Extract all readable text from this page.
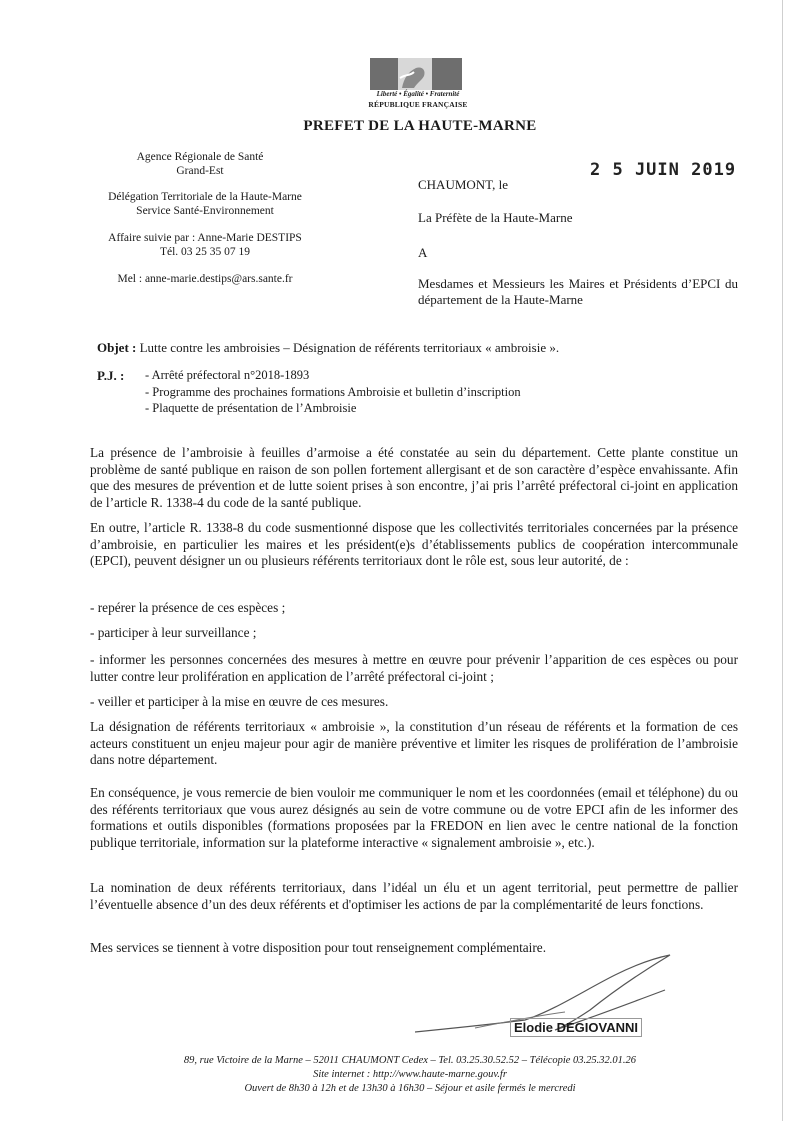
Liberté • Égalité • Fraternité
RÉPUBLIQUE FRANÇAISE
PREFET DE LA HAUTE-MARNE
Agence Régionale de Santé
Grand-Est
Délégation Territoriale de la Haute-Marne
Service Santé-Environnement
Affaire suivie par : Anne-Marie DESTIPS
Tél. 03 25 35 07 19
Mel : anne-marie.destips@ars.sante.fr
CHAUMONT, le
2 5 JUIN 2019
La Préfète de la Haute-Marne
A
Mesdames et Messieurs les Maires et Présidents d’EPCI du département de la Haute-Marne
Objet : Lutte contre les ambroisies – Désignation de référents territoriaux « ambroisie ».
P.J. : - Arrêté préfectoral n°2018-1893
- Programme des prochaines formations Ambroisie et bulletin d’inscription
- Plaquette de présentation de l’Ambroisie
La présence de l’ambroisie à feuilles d’armoise a été constatée au sein du département. Cette plante constitue un problème de santé publique en raison de son pollen fortement allergisant et de son caractère d’espèce envahissante. Afin que des mesures de prévention et de lutte soient prises à son encontre, j’ai pris l’arrêté préfectoral ci-joint en application de l’article R. 1338-4 du code de la santé publique.
En outre, l’article R. 1338-8 du code susmentionné dispose que les collectivités territoriales concernées par la présence d’ambroisie, en particulier les maires et les président(e)s d’établissements publics de coopération intercommunale (EPCI), peuvent désigner un ou plusieurs référents territoriaux dont le rôle est, sous leur autorité, de :
- repérer la présence de ces espèces ;
- participer à leur surveillance ;
- informer les personnes concernées des mesures à mettre en œuvre pour prévenir l’apparition de ces espèces ou pour lutter contre leur prolifération en application de l’arrêté préfectoral ci-joint ;
- veiller et participer à la mise en œuvre de ces mesures.
La désignation de référents territoriaux « ambroisie », la constitution d’un réseau de référents et la formation de ces acteurs constituent un enjeu majeur pour agir de manière préventive et limiter les risques de prolifération de l’ambroisie dans notre département.
En conséquence, je vous remercie de bien vouloir me communiquer le nom et les coordonnées (email et téléphone) du ou des référents territoriaux que vous aurez désignés au sein de votre commune ou de votre EPCI afin de les informer des formations et outils disponibles (formations proposées par la FREDON en lien avec le centre national de la fonction publique territoriale, information sur la plateforme interactive « signalement ambroisie », etc.).
La nomination de deux référents territoriaux, dans l’idéal un élu et un agent territorial, peut permettre de pallier l’éventuelle absence d’un des deux référents et d'optimiser les actions de par la complémentarité de leurs fonctions.
Mes services se tiennent à votre disposition pour tout renseignement complémentaire.
Elodie DEGIOVANNI
89, rue Victoire de la Marne – 52011 CHAUMONT Cedex – Tel. 03.25.30.52.52 – Télécopie 03.25.32.01.26
Site internet : http://www.haute-marne.gouv.fr
Ouvert de 8h30 à 12h et de 13h30 à 16h30 – Séjour et asile fermés le mercredi
